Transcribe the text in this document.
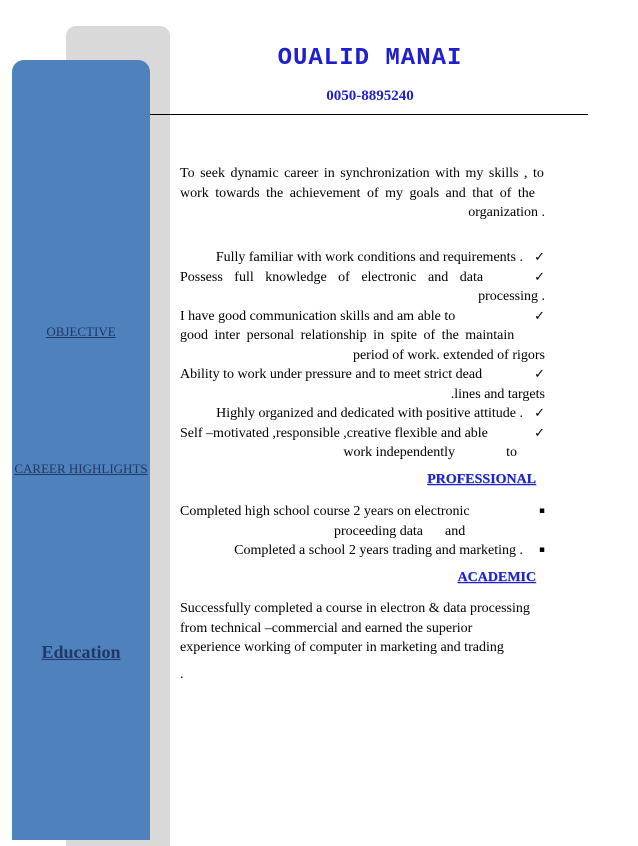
OBJECTIVE
CAREER HIGHLIGHTS
Education
OUALID MANAI
0050-8895240
To seek dynamic career in synchronization with my skills , to
work towards the achievement of my goals and that of the
organization .
Fully familiar with work conditions and requirements . ✓
Possess full knowledge of electronic and data	✓
processing .
I have good communication skills and am able to	✓
good inter personal relationship in spite of the maintain
period of work. extended of rigors
Ability to work under pressure and to meet strict dead	✓
.lines and targets
Highly organized and dedicated with positive attitude . ✓
Self –motivated ,responsible ,creative flexible and able	✓
work independently	to
PROFESSIONAL
Completed high school course 2 years on electronic	▪
proceeding data and
Completed a school 2 years trading and marketing .	▪
ACADEMIC
Successfully completed a course in electron & data processing
from technical –commercial and earned the superior
experience working of computer in marketing and trading
.
